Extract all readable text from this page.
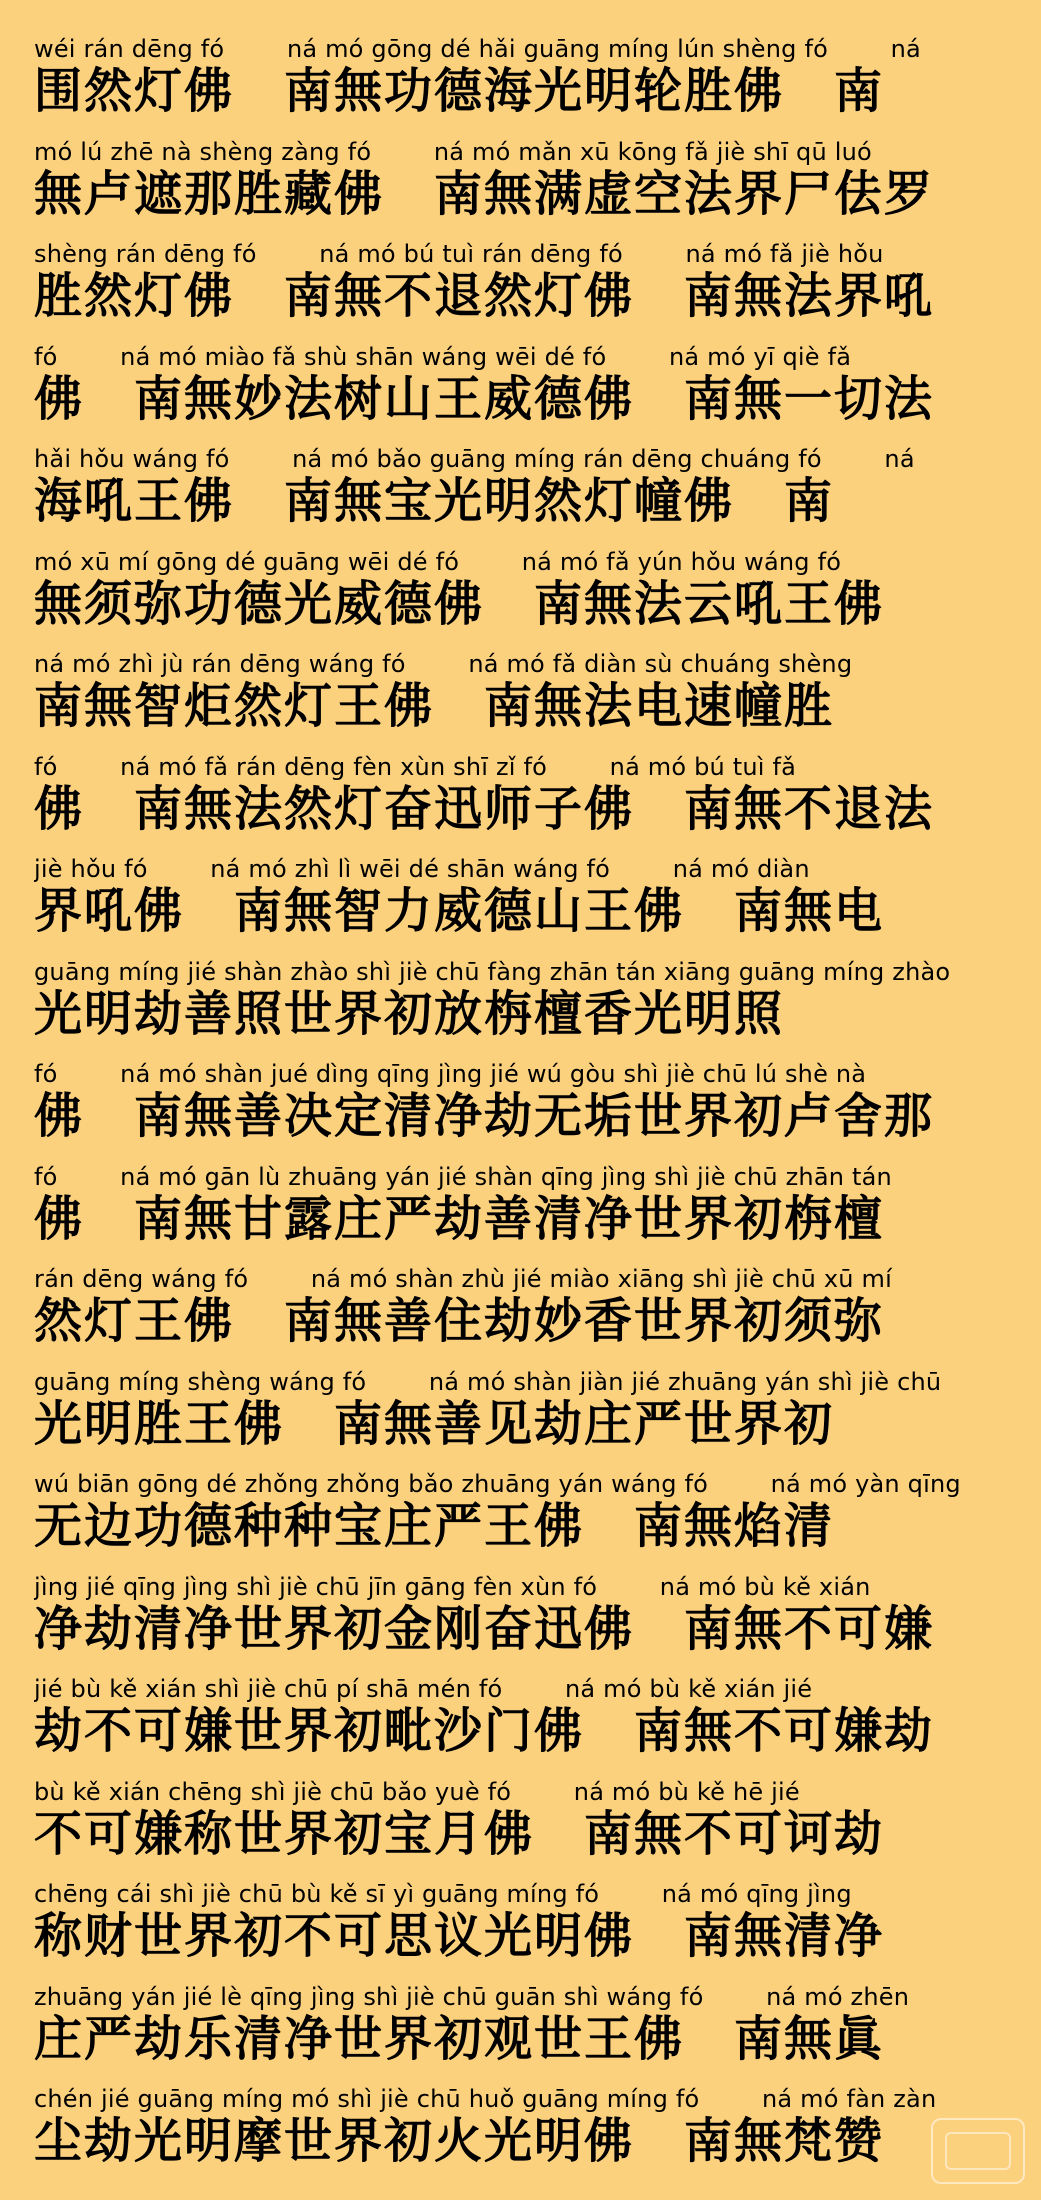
wéi rán dēng fó        ná mó gōng dé hǎi guāng míng lún shèng fó        ná
围然灯佛　南無功德海光明轮胜佛　南
mó lú zhē nà shèng zàng fó        ná mó mǎn xū kōng fǎ jiè shī qū luó
無卢遮那胜藏佛　南無满虚空法界尸佉罗
shèng rán dēng fó        ná mó bú tuì rán dēng fó        ná mó fǎ jiè hǒu
胜然灯佛　南無不退然灯佛　南無法界吼
fó        ná mó miào fǎ shù shān wáng wēi dé fó        ná mó yī qiè fǎ
佛　南無妙法树山王威德佛　南無一切法
hǎi hǒu wáng fó        ná mó bǎo guāng míng rán dēng chuáng fó        ná
海吼王佛　南無宝光明然灯幢佛　南
mó xū mí gōng dé guāng wēi dé fó        ná mó fǎ yún hǒu wáng fó
無须弥功德光威德佛　南無法云吼王佛
ná mó zhì jù rán dēng wáng fó        ná mó fǎ diàn sù chuáng shèng
南無智炬然灯王佛　南無法电速幢胜
fó        ná mó fǎ rán dēng fèn xùn shī zǐ fó        ná mó bú tuì fǎ
佛　南無法然灯奋迅师子佛　南無不退法
jiè hǒu fó        ná mó zhì lì wēi dé shān wáng fó        ná mó diàn
界吼佛　南無智力威德山王佛　南無电
guāng míng jié shàn zhào shì jiè chū fàng zhān tán xiāng guāng míng zhào
光明劫善照世界初放栴檀香光明照
fó        ná mó shàn jué dìng qīng jìng jié wú gòu shì jiè chū lú shè nà
佛　南無善决定清净劫无垢世界初卢舍那
fó        ná mó gān lù zhuāng yán jié shàn qīng jìng shì jiè chū zhān tán
佛　南無甘露庄严劫善清净世界初栴檀
rán dēng wáng fó        ná mó shàn zhù jié miào xiāng shì jiè chū xū mí
然灯王佛　南無善住劫妙香世界初须弥
guāng míng shèng wáng fó        ná mó shàn jiàn jié zhuāng yán shì jiè chū
光明胜王佛　南無善见劫庄严世界初
wú biān gōng dé zhǒng zhǒng bǎo zhuāng yán wáng fó        ná mó yàn qīng
无边功德种种宝庄严王佛　南無焰清
jìng jié qīng jìng shì jiè chū jīn gāng fèn xùn fó        ná mó bù kě xián
净劫清净世界初金刚奋迅佛　南無不可嫌
jié bù kě xián shì jiè chū pí shā mén fó        ná mó bù kě xián jié
劫不可嫌世界初毗沙门佛　南無不可嫌劫
bù kě xián chēng shì jiè chū bǎo yuè fó        ná mó bù kě hē jié
不可嫌称世界初宝月佛　南無不可诃劫
chēng cái shì jiè chū bù kě sī yì guāng míng fó        ná mó qīng jìng
称财世界初不可思议光明佛　南無清净
zhuāng yán jié lè qīng jìng shì jiè chū guān shì wáng fó        ná mó zhēn
庄严劫乐清净世界初观世王佛　南無眞
chén jié guāng míng mó shì jiè chū huǒ guāng míng fó        ná mó fàn zàn
尘劫光明摩世界初火光明佛　南無梵赞
